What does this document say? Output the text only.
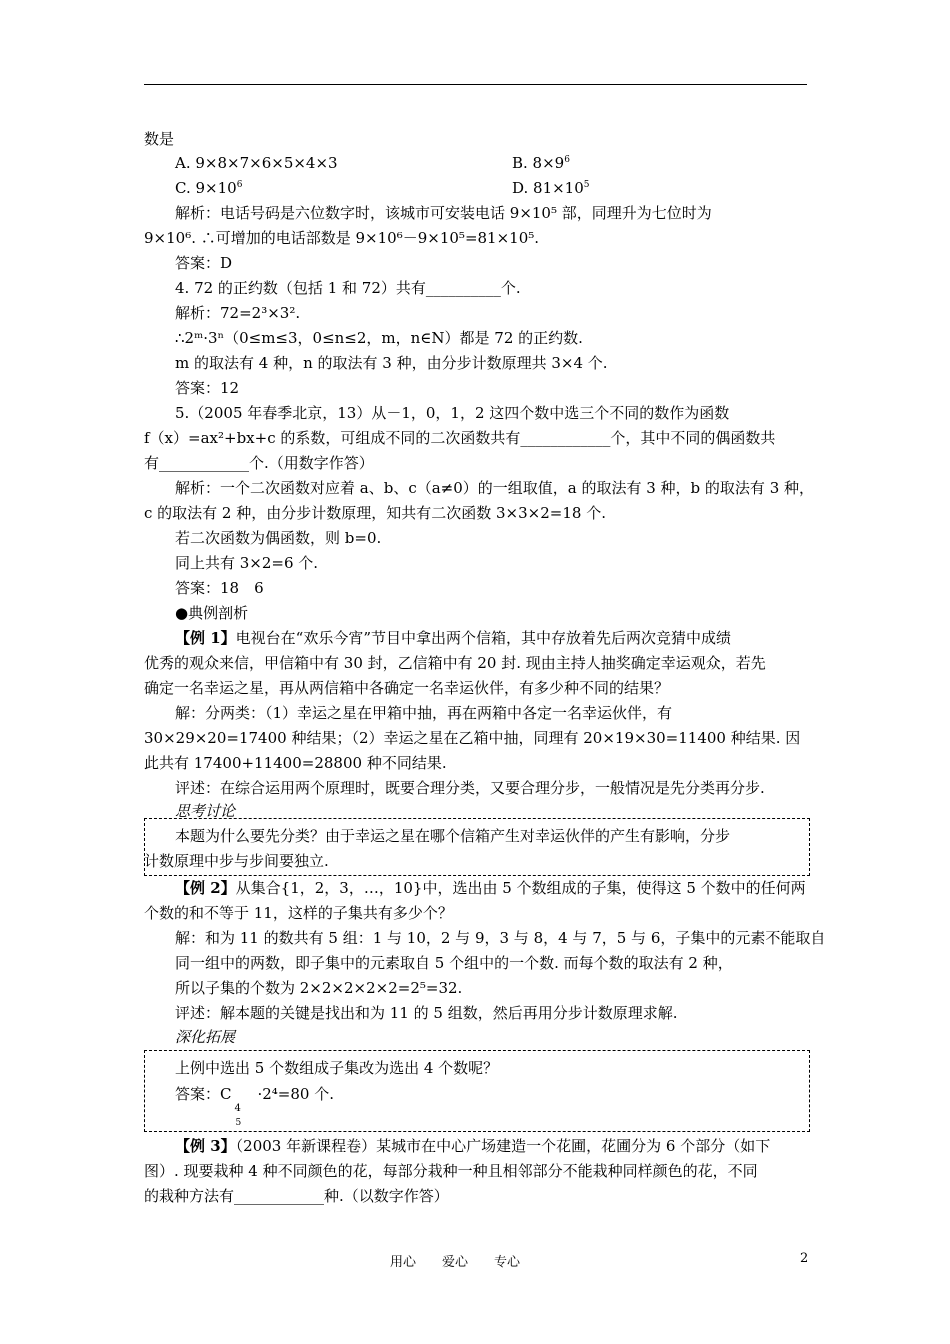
数是
A. 9×8×7×6×5×4×3	B. $8\times 9^6$
C. $9\times 10^6$	D. $81\times 10^5$
解析：电话号码是六位数字时，该城市可安装电话 9×10⁵ 部，同理升为七位时为
9×10⁶. ∴可增加的电话部数是 9×10⁶－9×10⁵=81×10⁵.
答案：D
4. 72 的正约数（包括 1 和 72）共有__________个.
解析：72=2³×3².
∴2ᵐ·3ⁿ（0≤m≤3，0≤n≤2，m，n∈N）都是 72 的正约数.
m 的取法有 4 种，n 的取法有 3 种，由分步计数原理共 3×4 个.
答案：12
5.（2005 年春季北京，13）从－1，0，1，2 这四个数中选三个不同的数作为函数
f（x）=ax²+bx+c 的系数，可组成不同的二次函数共有____________个，其中不同的偶函数共
有____________个.（用数字作答）
解析：一个二次函数对应着 a、b、c（a≠0）的一组取值，a 的取法有 3 种，b 的取法有 3 种，
c 的取法有 2 种，由分步计数原理，知共有二次函数 3×3×2=18 个.
若二次函数为偶函数，则 b=0.
同上共有 3×2=6 个.
答案：18　6
●典例剖析
【例 1】电视台在“欢乐今宵”节目中拿出两个信箱，其中存放着先后两次竞猜中成绩
优秀的观众来信，甲信箱中有 30 封，乙信箱中有 20 封. 现由主持人抽奖确定幸运观众，若先
确定一名幸运之星，再从两信箱中各确定一名幸运伙伴，有多少种不同的结果？
解：分两类：（1）幸运之星在甲箱中抽，再在两箱中各定一名幸运伙伴，有
30×29×20=17400 种结果；（2）幸运之星在乙箱中抽，同理有 20×19×30=11400 种结果. 因
此共有 17400+11400=28800 种不同结果.
评述：在综合运用两个原理时，既要合理分类，又要合理分步，一般情况是先分类再分步.
思考讨论
本题为什么要先分类？由于幸运之星在哪个信箱产生对幸运伙伴的产生有影响，分步
计数原理中步与步间要独立.
【例 2】从集合{1，2，3，…，10}中，选出由 5 个数组成的子集，使得这 5 个数中的任何两
个数的和不等于 11，这样的子集共有多少个？
解：和为 11 的数共有 5 组：1 与 10，2 与 9，3 与 8，4 与 7，5 与 6，子集中的元素不能取自
同一组中的两数，即子集中的元素取自 5 个组中的一个数. 而每个数的取法有 2 种，
所以子集的个数为 2×2×2×2×2=2⁵=32.
评述：解本题的关键是找出和为 11 的 5 组数，然后再用分步计数原理求解.
深化拓展
上例中选出 5 个数组成子集改为选出 4 个数呢？
答案：C
4
5
·2⁴=80 个.
【例 3】（2003 年新课程卷）某城市在中心广场建造一个花圃，花圃分为 6 个部分（如下
图）. 现要栽种 4 种不同颜色的花，每部分栽种一种且相邻部分不能栽种同样颜色的花，不同
的栽种方法有____________种.（以数字作答）
用心　　爱心　　专心	2
